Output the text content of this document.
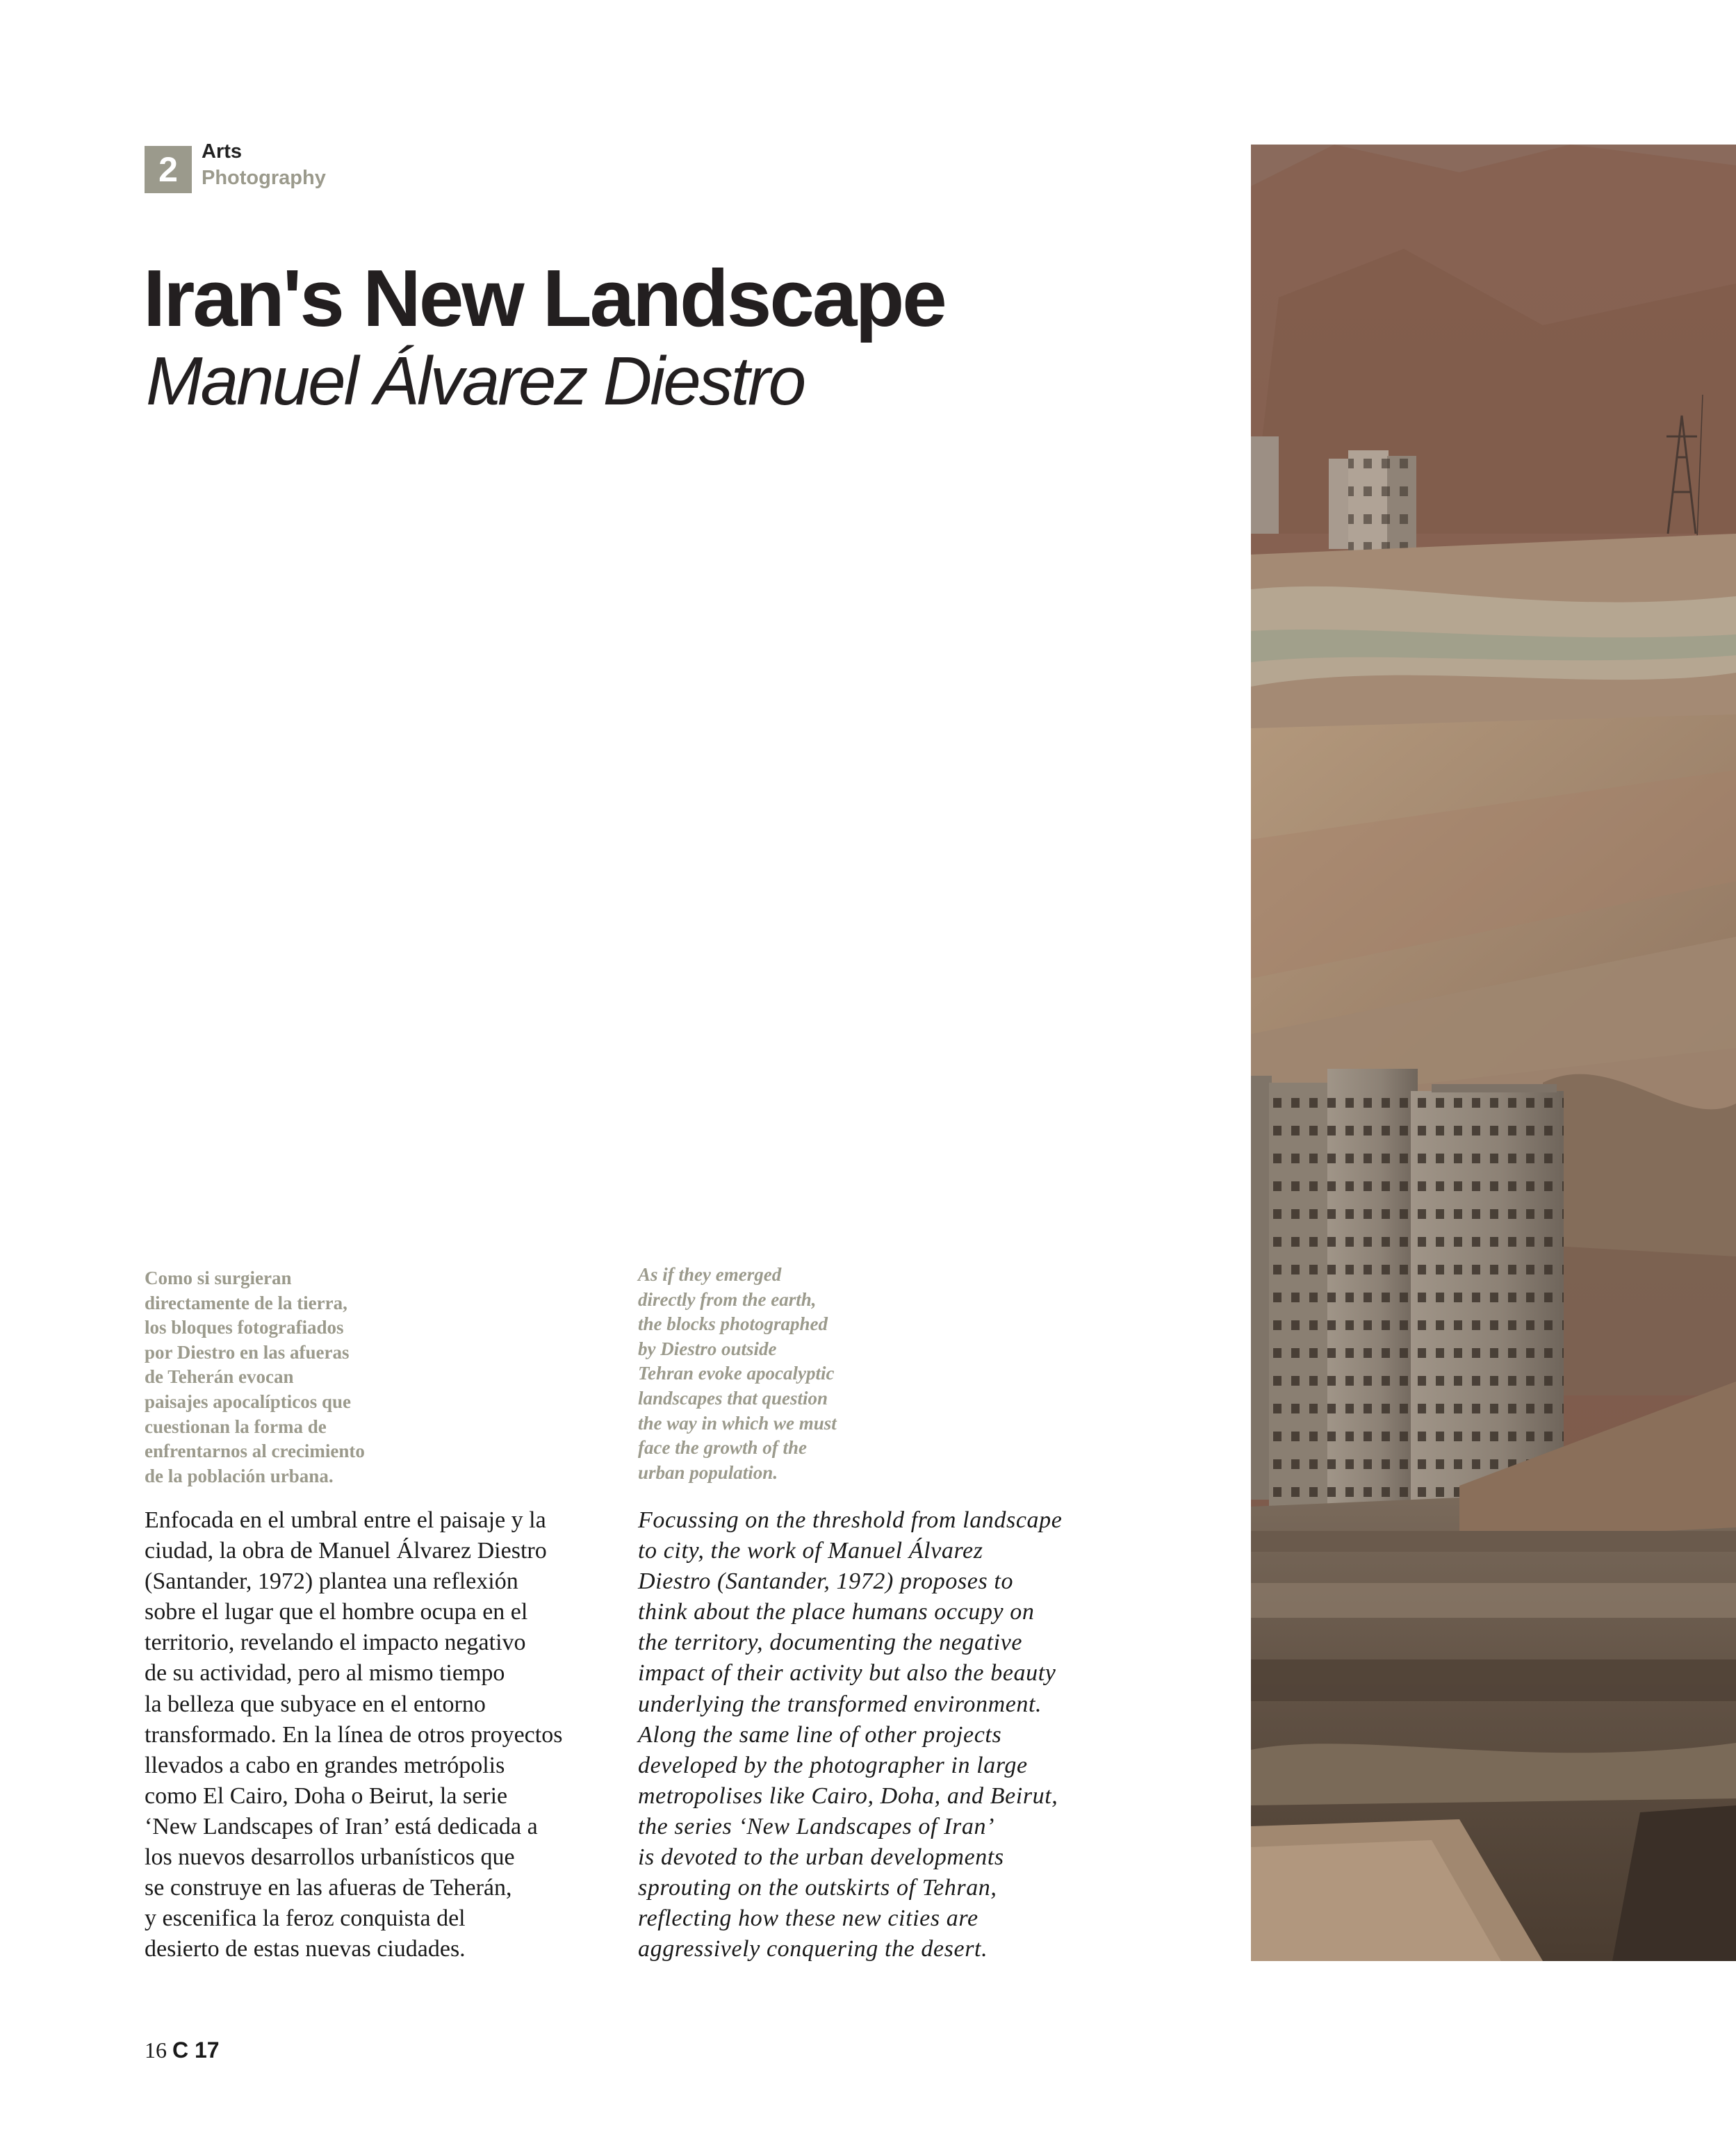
2	Arts
Photography
Iran's New Landscape
Manuel Álvarez Diestro
Como si surgieran
directamente de la tierra,
los bloques fotografiados
por Diestro en las afueras
de Teherán evocan
paisajes apocalípticos que
cuestionan la forma de
enfrentarnos al crecimiento
de la población urbana.
As if they emerged
directly from the earth,
the blocks photographed
by Diestro outside
Tehran evoke apocalyptic
landscapes that question
the way in which we must
face the growth of the
urban population.
Enfocada en el umbral entre el paisaje y la
ciudad, la obra de Manuel Álvarez Diestro
(Santander, 1972) plantea una reflexión
sobre el lugar que el hombre ocupa en el
territorio, revelando el impacto negativo
de su actividad, pero al mismo tiempo
la belleza que subyace en el entorno
transformado. En la línea de otros proyectos
llevados a cabo en grandes metrópolis
como El Cairo, Doha o Beirut, la serie
‘New Landscapes of Iran’ está dedicada a
los nuevos desarrollos urbanísticos que
se construye en las afueras de Teherán,
y escenifica la feroz conquista del
desierto de estas nuevas ciudades.
Focussing on the threshold from landscape
to city, the work of Manuel Álvarez
Diestro (Santander, 1972) proposes to
think about the place humans occupy on
the territory, documenting the negative
impact of their activity but also the beauty
underlying the transformed environment.
Along the same line of other projects
developed by the photographer in large
metropolises like Cairo, Doha, and Beirut,
the series ‘New Landscapes of Iran’
is devoted to the urban developments
sprouting on the outskirts of Tehran,
reflecting how these new cities are
aggressively conquering the desert.
16 C 17
